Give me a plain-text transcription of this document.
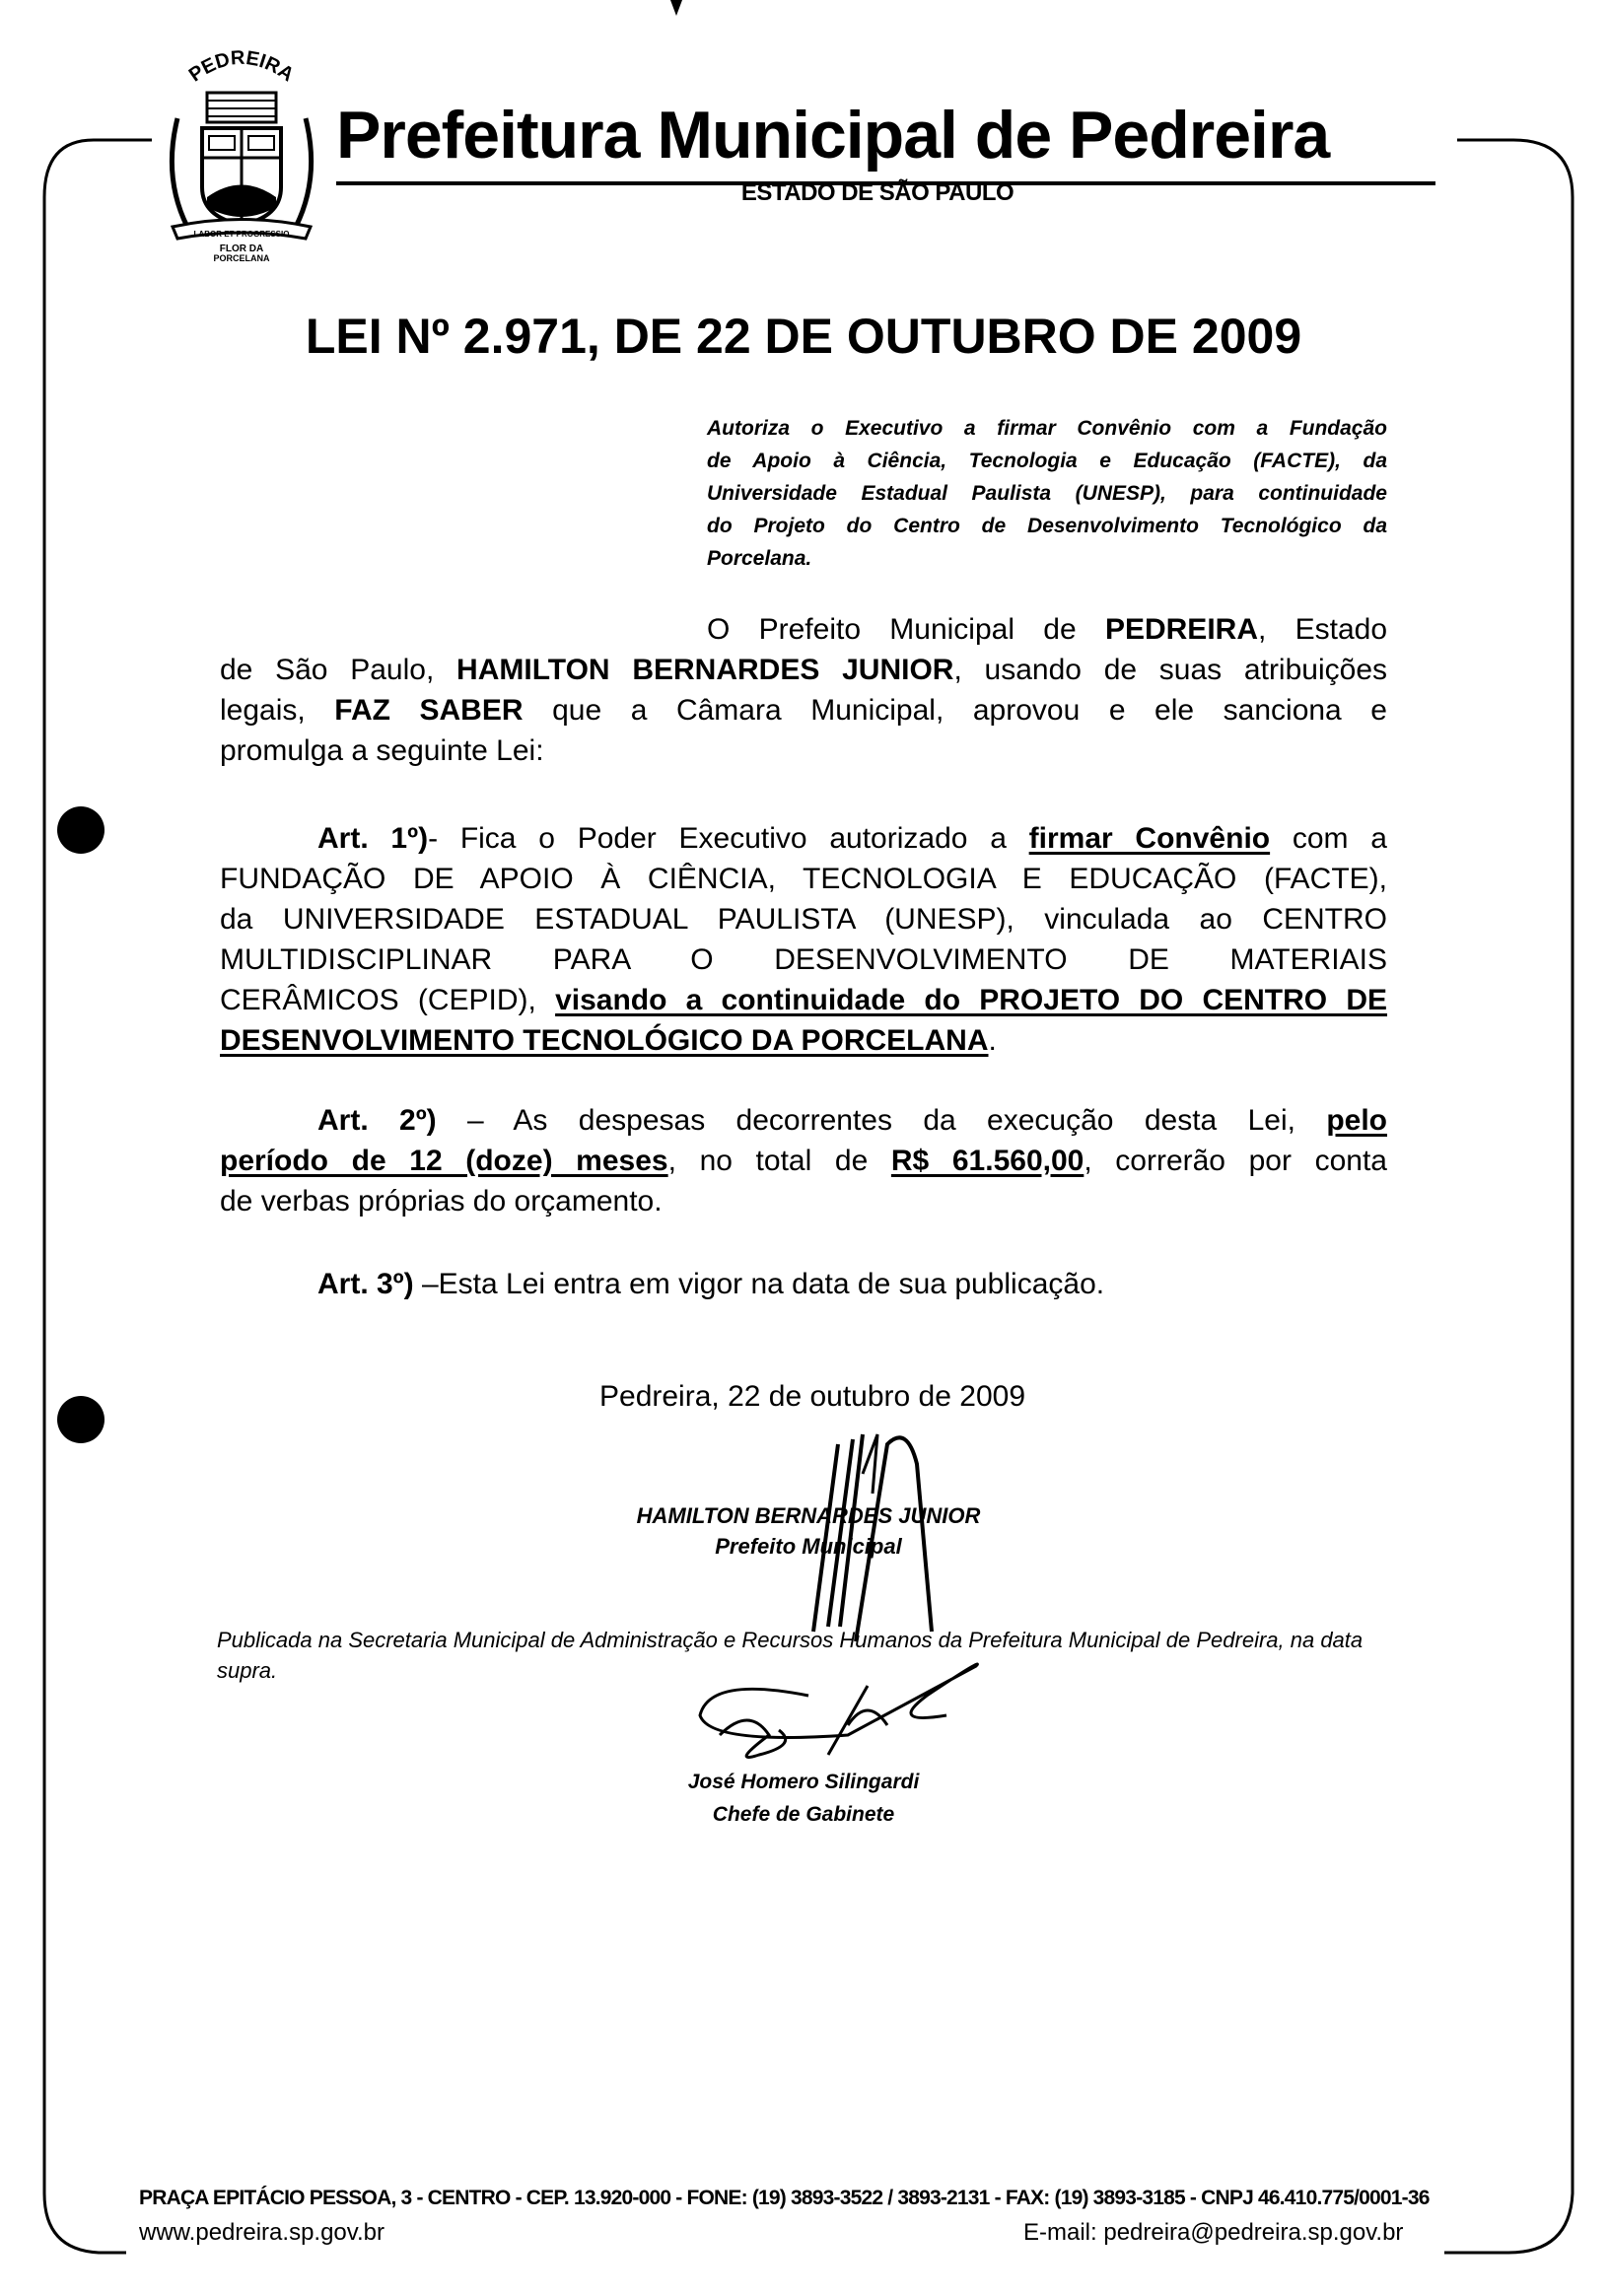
PEDREIRA
LABOR ET PROGRESSIO
FLOR DA
PORCELANA
Prefeitura Municipal de Pedreira
ESTADO DE SÃO PAULO
LEI Nº 2.971, DE 22 DE OUTUBRO DE 2009
Autoriza o Executivo a firmar Convênio com a Fundação
de Apoio à Ciência, Tecnologia e Educação (FACTE), da
Universidade Estadual Paulista (UNESP), para continuidade
do Projeto do Centro de Desenvolvimento Tecnológico da
Porcelana.
O Prefeito Municipal de PEDREIRA, Estado
de São Paulo, HAMILTON BERNARDES JUNIOR, usando de suas atribuições
legais, FAZ SABER que a Câmara Municipal, aprovou e ele sanciona e
promulga a seguinte Lei:
Art. 1º)- Fica o Poder Executivo autorizado a firmar Convênio com a
FUNDAÇÃO DE APOIO À CIÊNCIA, TECNOLOGIA E EDUCAÇÃO (FACTE),
da UNIVERSIDADE ESTADUAL PAULISTA (UNESP), vinculada ao CENTRO
MULTIDISCIPLINAR PARA O DESENVOLVIMENTO DE MATERIAIS
CERÂMICOS (CEPID), visando a continuidade do PROJETO DO CENTRO DE
DESENVOLVIMENTO TECNOLÓGICO DA PORCELANA.
Art. 2º) – As despesas decorrentes da execução desta Lei, pelo
período de 12 (doze) meses, no total de R$ 61.560,00, correrão por conta
de verbas próprias do orçamento.
Art. 3º) –Esta Lei entra em vigor na data de sua publicação.
Pedreira, 22 de outubro de 2009
HAMILTON BERNARDES JUNIOR
Prefeito Municipal
Publicada na Secretaria Municipal de Administração e Recursos Humanos da Prefeitura Municipal de Pedreira, na data supra.
José Homero Silingardi
Chefe de Gabinete
PRAÇA EPITÁCIO PESSOA, 3 - CENTRO - CEP. 13.920-000 - FONE: (19) 3893-3522 / 3893-2131 - FAX: (19) 3893-3185 - CNPJ 46.410.775/0001-36
www.pedreira.sp.gov.br	E-mail: pedreira@pedreira.sp.gov.br
